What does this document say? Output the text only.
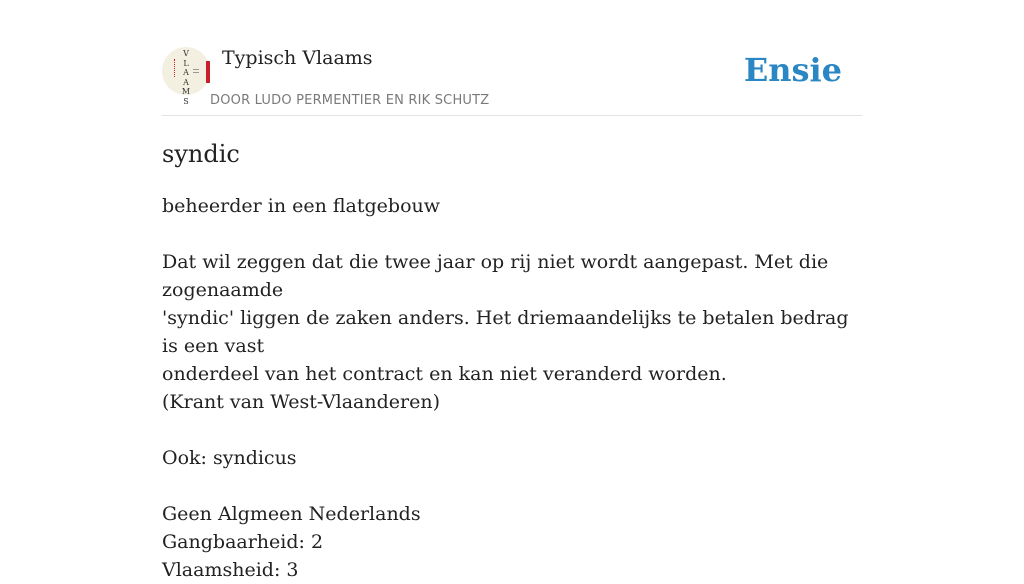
V
L
A
A
M
S
Typisch Vlaams
DOOR LUDO PERMENTIER EN RIK SCHUTZ
Ensie
syndic

beheerder in een flatgebouw

Dat wil zeggen dat die twee jaar op rij niet wordt aangepast. Met die zogenaamde

'syndic' liggen de zaken anders. Het driemaandelijks te betalen bedrag is een vast

onderdeel van het contract en kan niet veranderd worden.

(Krant van West-Vlaanderen)

Ook: syndicus

Geen Algmeen Nederlands

Gangbaarheid: 2

Vlaamsheid: 3
